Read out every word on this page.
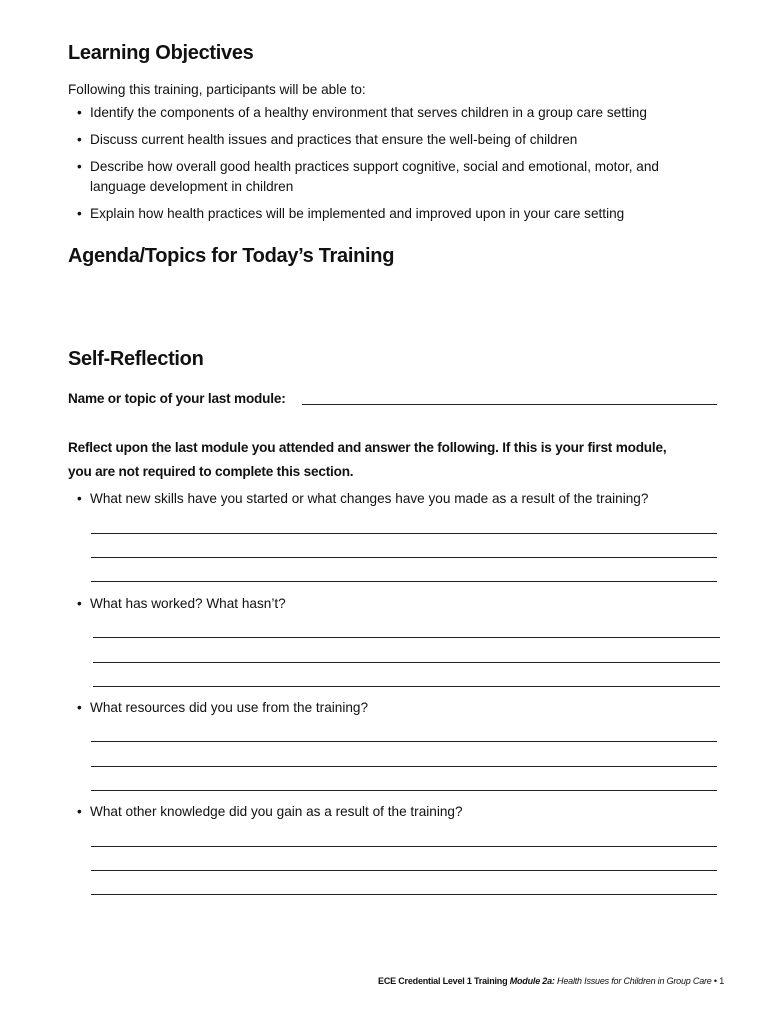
Learning Objectives
Following this training, participants will be able to:
• Identify the components of a healthy environment that serves children in a group care setting
• Discuss current health issues and practices that ensure the well-being of children
• Describe how overall good health practices support cognitive, social and emotional, motor, and language development in children
• Explain how health practices will be implemented and improved upon in your care setting
Agenda/Topics for Today’s Training
Self-Reflection
Name or topic of your last module:
Reflect upon the last module you attended and answer the following. If this is your first module,
you are not required to complete this section.
• What new skills have you started or what changes have you made as a result of the training?
• What has worked? What hasn’t?
• What resources did you use from the training?
• What other knowledge did you gain as a result of the training?
ECE Credential Level 1 Training Module 2a: Health Issues for Children in Group Care • 1
